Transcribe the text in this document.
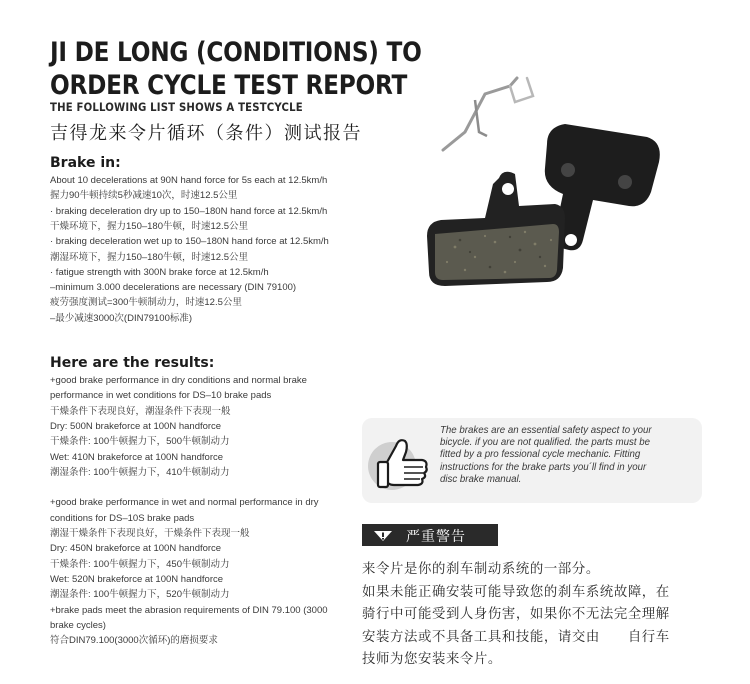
JI DE LONG (CONDITIONS) TO
ORDER CYCLE TEST REPORT
THE FOLLOWING LIST SHOWS A TESTCYCLE
吉得龙来令片循环（条件）测试报告
Brake in:
About 10 decelerations at 90N hand force for 5s each at 12.5km/h
握力90牛顿持续5秒减速10次，时速12.5公里
· braking deceleration dry up to 150–180N hand force at 12.5km/h
干燥环境下，握力150–180牛顿，时速12.5公里
· braking deceleration wet up to 150–180N hand force at 12.5km/h
潮湿环境下，握力150–180牛顿，时速12.5公里
· fatigue strength with 300N brake force at 12.5km/h
–minimum 3.000 decelerations are necessary (DIN 79100)
疲劳强度测试=300牛顿制动力，时速12.5公里
–最少减速3000次(DIN79100标准)
Here are the results:
+good brake performance in dry conditions and normal brake
performance in wet conditions for DS–10 brake pads
干燥条件下表现良好，潮湿条件下表现一般
Dry: 500N brakeforce at 100N handforce
干燥条件: 100牛顿握力下，500牛顿制动力
Wet: 410N brakeforce at 100N handforce
潮湿条件: 100牛顿握力下，410牛顿制动力
+good brake performance in wet and normal performance in dry
conditions for DS–10S brake pads
潮湿干燥条件下表现良好，干燥条件下表现一般
Dry: 450N brakeforce at 100N handforce
干燥条件: 100牛顿握力下，450牛顿制动力
Wet: 520N brakeforce at 100N handforce
潮湿条件: 100牛顿握力下，520牛顿制动力
+brake pads meet the abrasion requirements of DIN 79.100 (3000
brake cycles)
符合DIN79.100(3000次循环)的磨损要求
The brakes are an essential safety aspect to your
bicycle. if you are not qualified. the parts must be
fitted by a pro fessional cycle mechanic. Fitting
instructions for the brake parts you´ll find in your
disc brake manual.
严重警告
来令片是你的刹车制动系统的一部分。
如果未能正确安装可能导致您的刹车系统故障，在
骑行中可能受到人身伤害，如果你不无法完全理解
安装方法或不具备工具和技能，请交由　　自行车
技师为您安装来令片。
